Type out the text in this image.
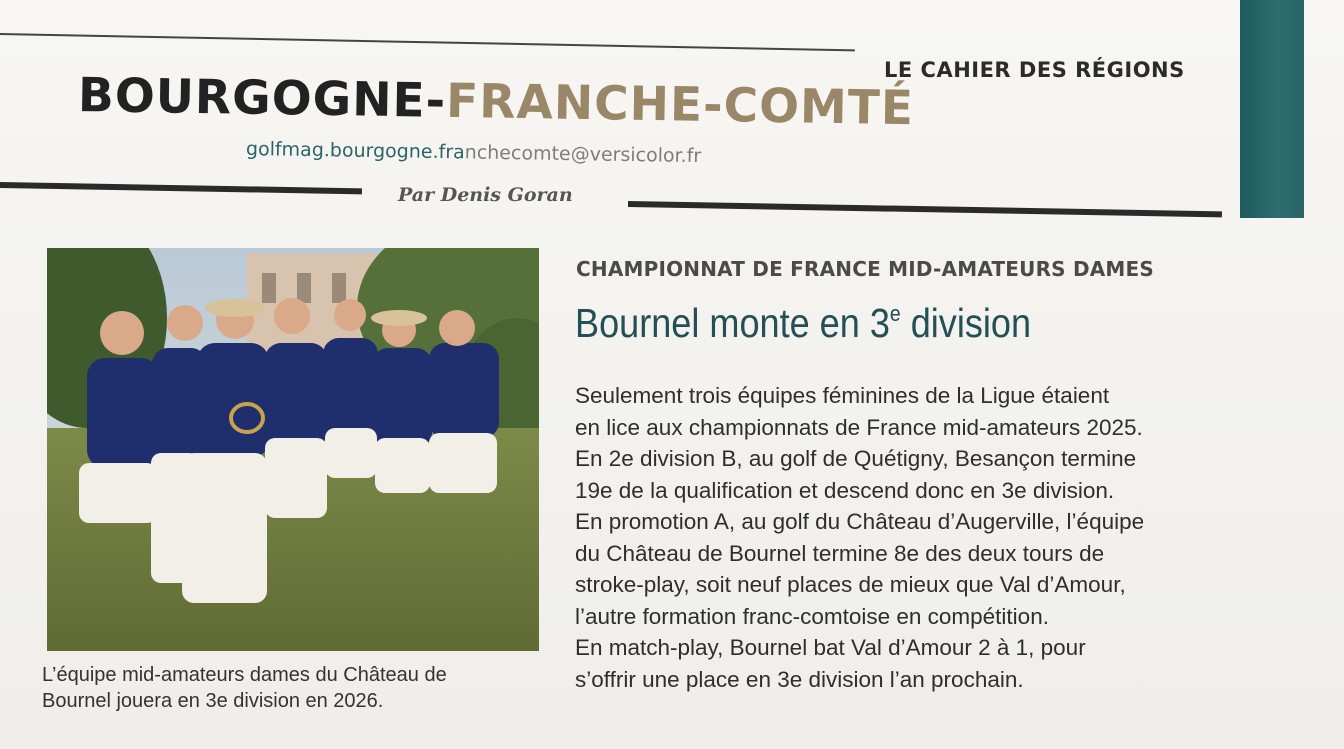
LE CAHIER DES RÉGIONS
BOURGOGNE-FRANCHE-COMTÉ
golfmag.bourgogne.franchecomte@versicolor.fr
Par Denis Goran
L’équipe mid-amateurs dames du Château de
Bournel jouera en 3e division en 2026.
CHAMPIONNAT DE FRANCE MID-AMATEURS DAMES
Bournel monte en 3e division
Seulement trois équipes féminines de la Ligue étaient
en lice aux championnats de France mid-amateurs 2025.
En 2e division B, au golf de Quétigny, Besançon termine
19e de la qualification et descend donc en 3e division.
En promotion A, au golf du Château d’Augerville, l’équipe
du Château de Bournel termine 8e des deux tours de
stroke-play, soit neuf places de mieux que Val d’Amour,
l’autre formation franc-comtoise en compétition.
En match-play, Bournel bat Val d’Amour 2 à 1, pour
s’offrir une place en 3e division l’an prochain.
